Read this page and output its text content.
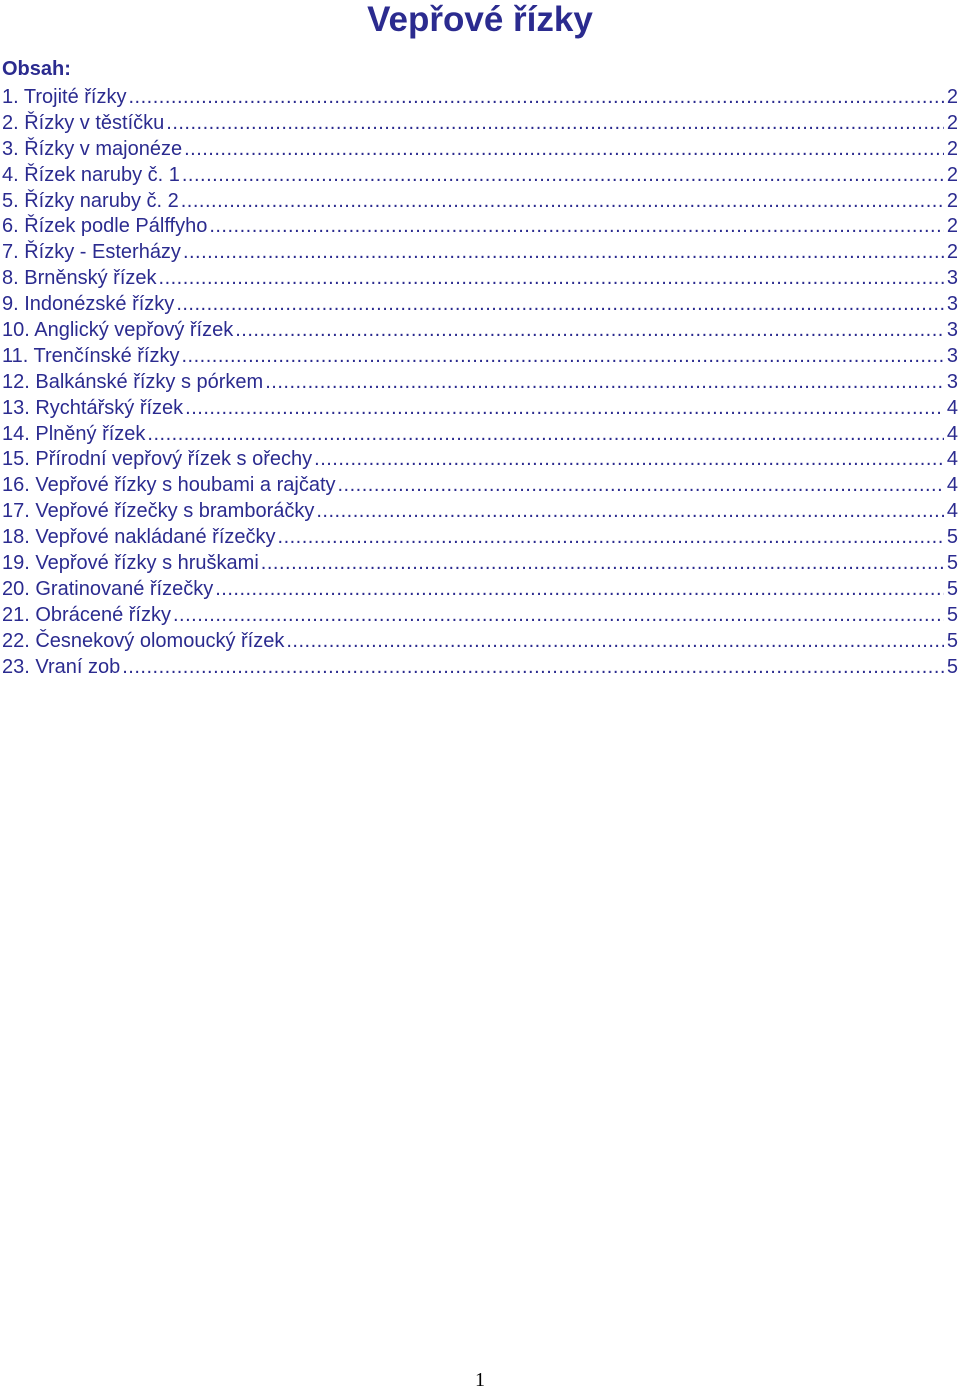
Vepřové řízky
Obsah:
1. Trojité řízky .....	2
2. Řízky v těstíčku .....	2
3. Řízky v majonéze .....	2
4. Řízek naruby č. 1 .....	2
5. Řízky naruby č. 2 .....	2
6. Řízek podle Pálffyho .....	2
7. Řízky - Esterházy .....	2
8. Brněnský řízek .....	3
9. Indonézské řízky .....	3
10. Anglický vepřový řízek .....	3
11. Trenčínské řízky .....	3
12. Balkánské řízky s pórkem .....	3
13. Rychtářský řízek .....	4
14. Plněný řízek .....	4
15. Přírodní vepřový řízek s ořechy .....	4
16. Vepřové řízky s houbami a rajčaty .....	4
17. Vepřové řízečky s bramboráčky .....	4
18. Vepřové nakládané řízečky .....	5
19. Vepřové řízky s hruškami .....	5
20. Gratinované řízečky .....	5
21. Obrácené řízky .....	5
22. Česnekový olomoucký řízek .....	5
23. Vraní zob .....	5
1
